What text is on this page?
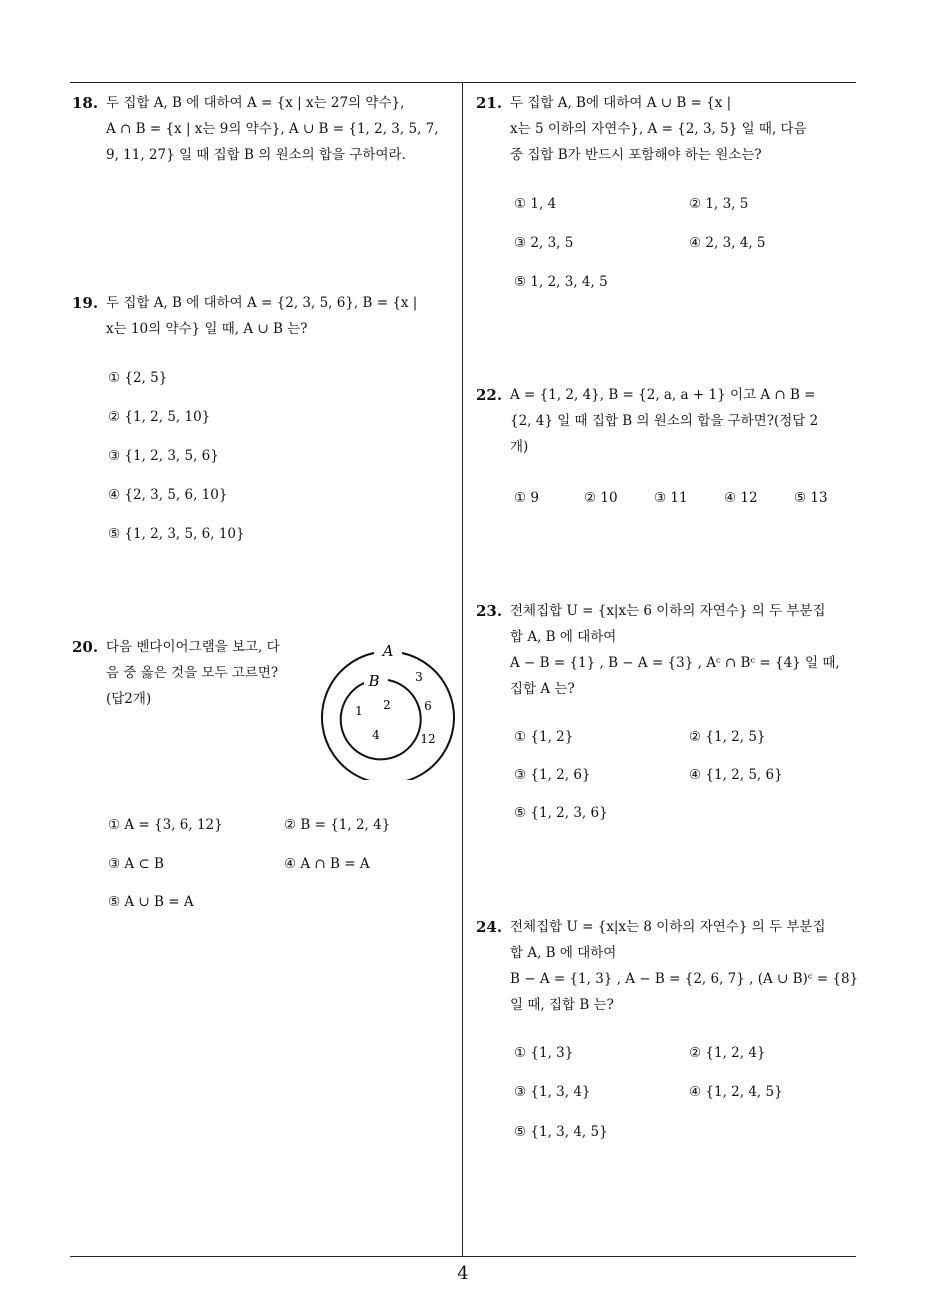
18. 두 집합 A, B 에 대하여 A = {x | x는 27의 약수},
A ∩ B = {x | x는 9의 약수}, A ∪ B = {1, 2, 3, 5, 7,
9, 11, 27} 일 때 집합 B 의 원소의 합을 구하여라.
19. 두 집합 A, B 에 대하여 A = {2, 3, 5, 6}, B = {x |
x는 10의 약수} 일 때, A ∪ B 는?
① {2, 5}
② {1, 2, 5, 10}
③ {1, 2, 3, 5, 6}
④ {2, 3, 5, 6, 10}
⑤ {1, 2, 3, 5, 6, 10}
20. 다음 벤다이어그램을 보고, 다
음 중 옳은 것을 모두 고르면?
(답2개)
A
B
1 2
4
3
6
12
① A = {3, 6, 12}	② B = {1, 2, 4}
③ A ⊂ B	④ A ∩ B = A
⑤ A ∪ B = A
21. 두 집합 A, B에 대하여 A ∪ B = {x |
x는 5 이하의 자연수}, A = {2, 3, 5} 일 때, 다음
중 집합 B가 반드시 포함해야 하는 원소는?
① 1, 4	② 1, 3, 5
③ 2, 3, 5	④ 2, 3, 4, 5
⑤ 1, 2, 3, 4, 5
22. A = {1, 2, 4}, B = {2, a, a + 1} 이고 A ∩ B =
{2, 4} 일 때 집합 B 의 원소의 합을 구하면?(정답 2
개)
① 9	② 10	③ 11	④ 12	⑤ 13
23. 전체집합 U = {x|x는 6 이하의 자연수} 의 두 부분집
합 A, B 에 대하여
A − B = {1} , B − A = {3} , Aᶜ ∩ Bᶜ = {4} 일 때,
집합 A 는?
① {1, 2}	② {1, 2, 5}
③ {1, 2, 6}	④ {1, 2, 5, 6}
⑤ {1, 2, 3, 6}
24. 전체집합 U = {x|x는 8 이하의 자연수} 의 두 부분집
합 A, B 에 대하여
B − A = {1, 3} , A − B = {2, 6, 7} , (A ∪ B)ᶜ = {8}
일 때, 집합 B 는?
① {1, 3}	② {1, 2, 4}
③ {1, 3, 4}	④ {1, 2, 4, 5}
⑤ {1, 3, 4, 5}
4
